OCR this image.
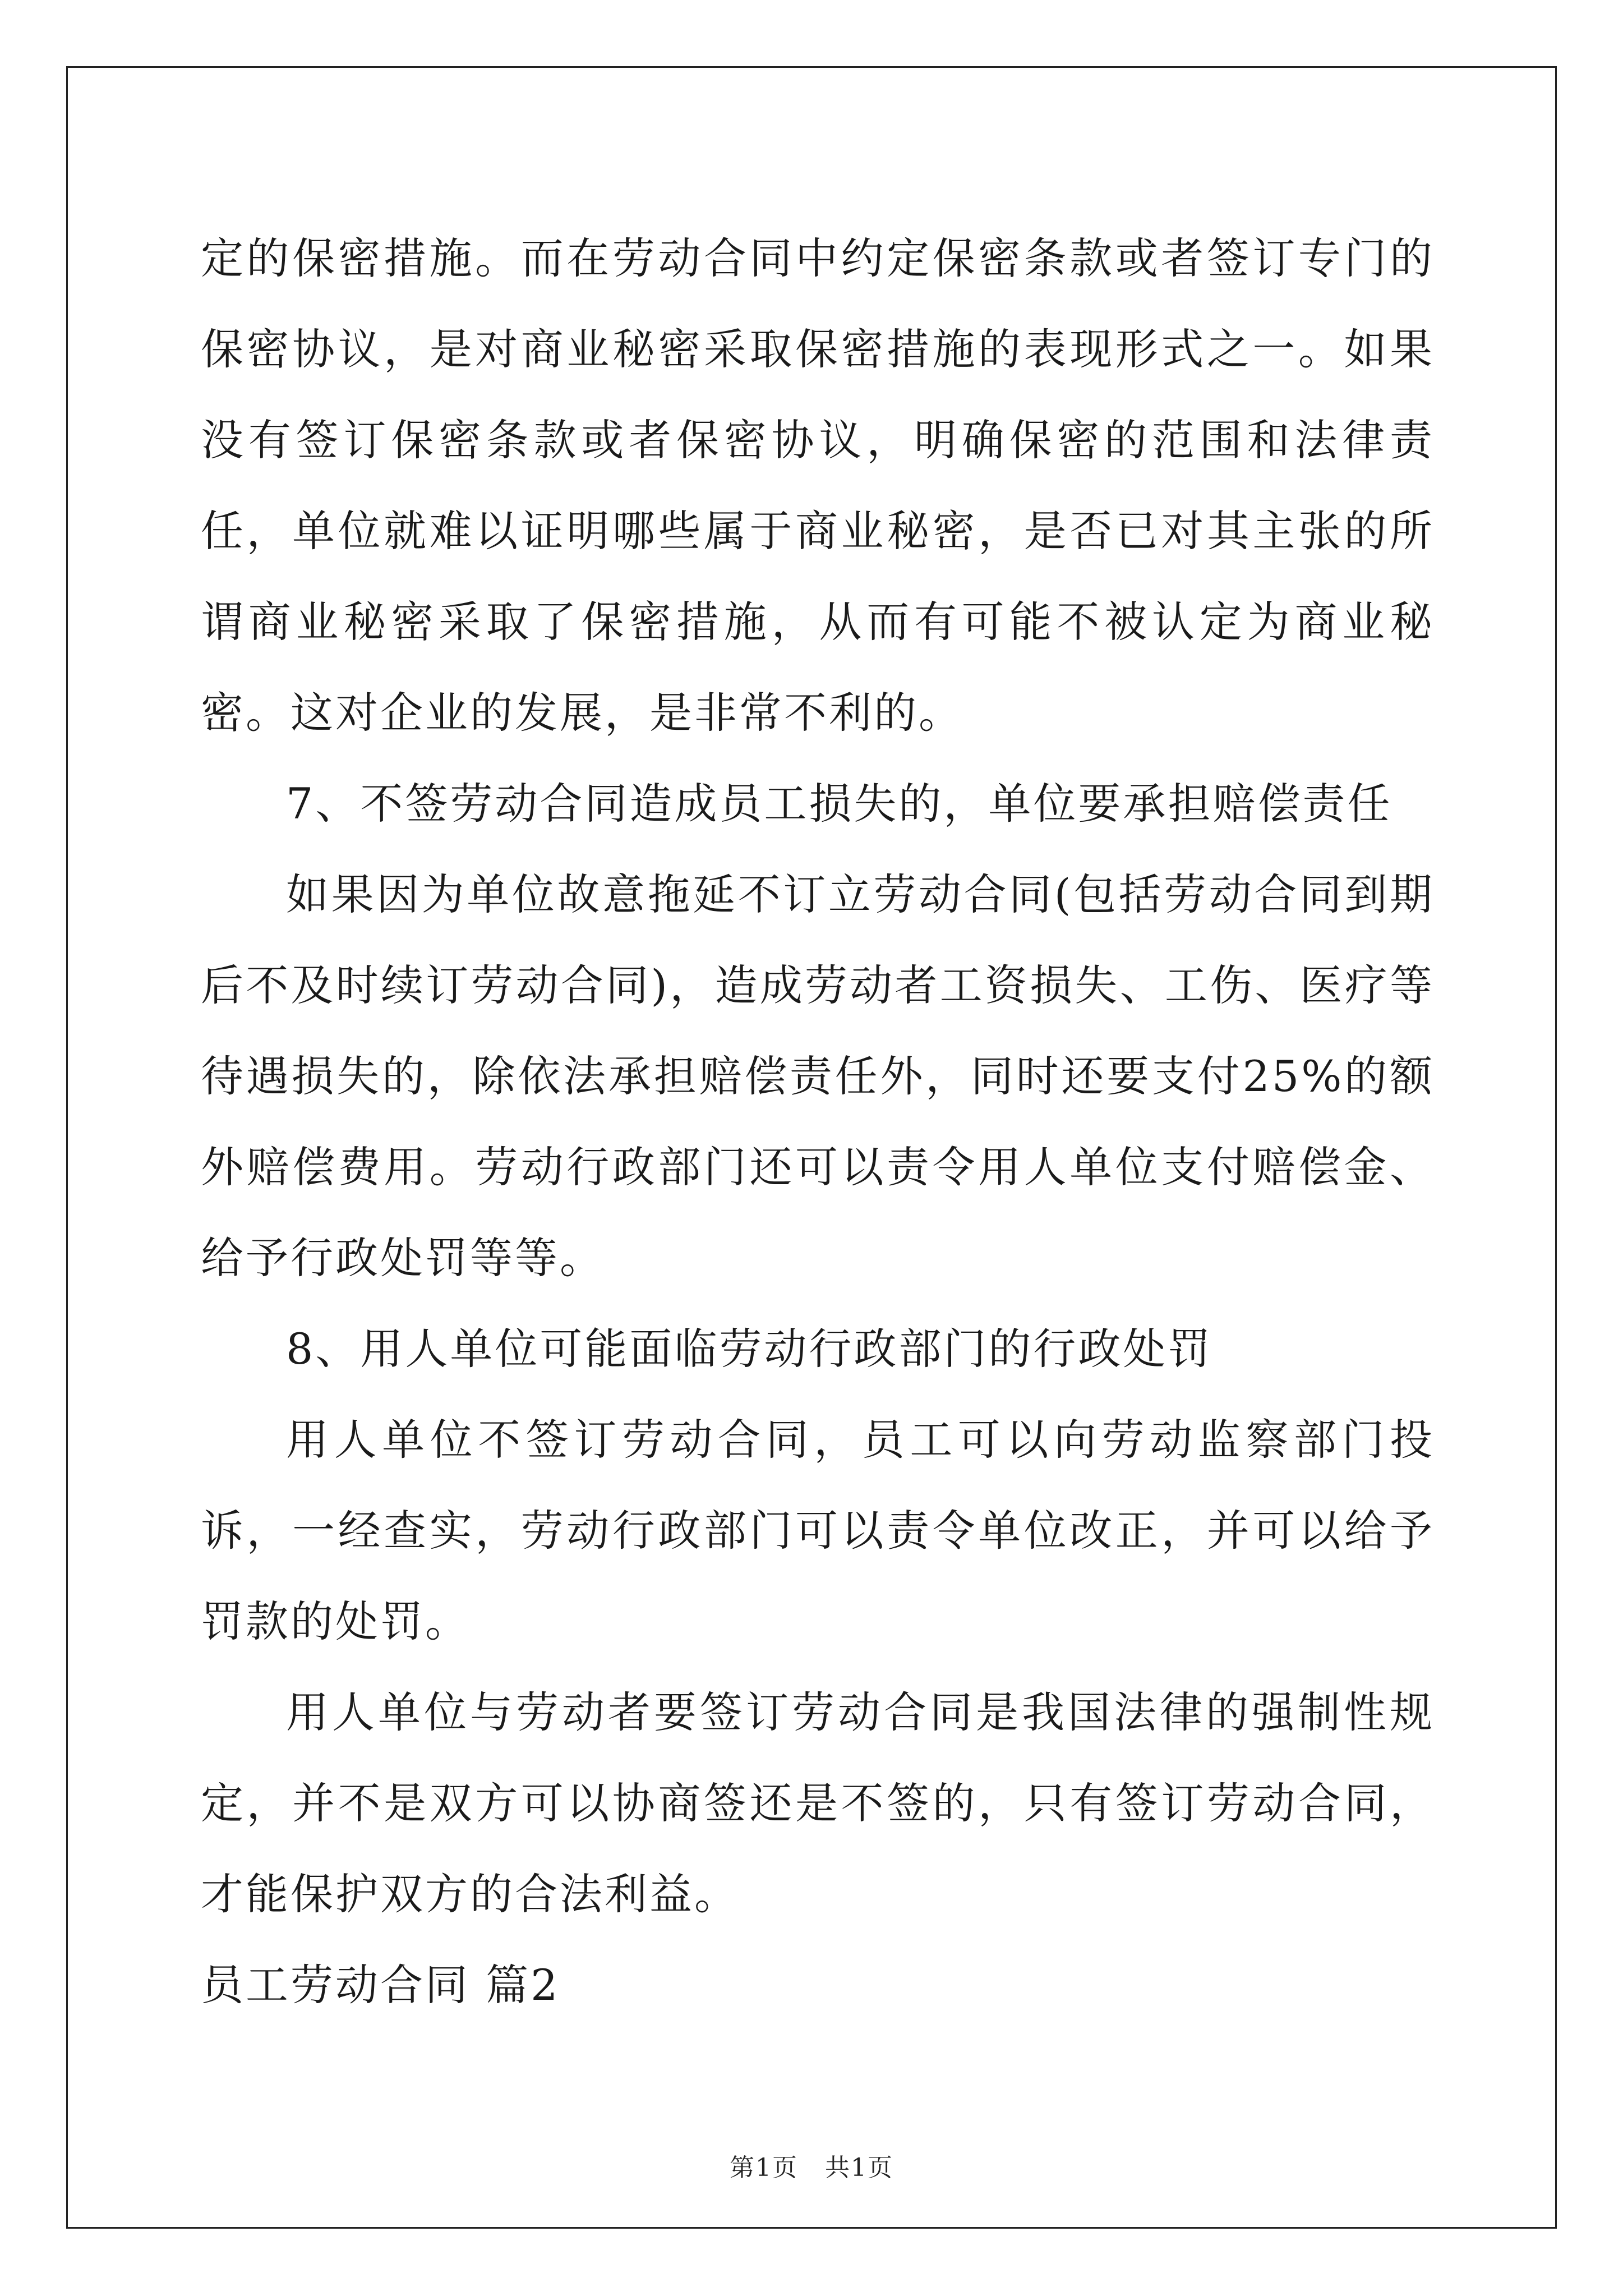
定的保密措施。而在劳动合同中约定保密条款或者签订专门的保密协议，是对商业秘密采取保密措施的表现形式之一。如果没有签订保密条款或者保密协议，明确保密的范围和法律责任，单位就难以证明哪些属于商业秘密，是否已对其主张的所谓商业秘密采取了保密措施，从而有可能不被认定为商业秘密。这对企业的发展，是非常不利的。

7、不签劳动合同造成员工损失的，单位要承担赔偿责任

如果因为单位故意拖延不订立劳动合同(包括劳动合同到期后不及时续订劳动合同)，造成劳动者工资损失、工伤、医疗等待遇损失的，除依法承担赔偿责任外，同时还要支付25%的额外赔偿费用。劳动行政部门还可以责令用人单位支付赔偿金、给予行政处罚等等。

8、用人单位可能面临劳动行政部门的行政处罚

用人单位不签订劳动合同，员工可以向劳动监察部门投诉，一经查实，劳动行政部门可以责令单位改正，并可以给予罚款的处罚。

用人单位与劳动者要签订劳动合同是我国法律的强制性规定，并不是双方可以协商签还是不签的，只有签订劳动合同，才能保护双方的合法利益。

员工劳动合同 篇2

第1页 共1页
